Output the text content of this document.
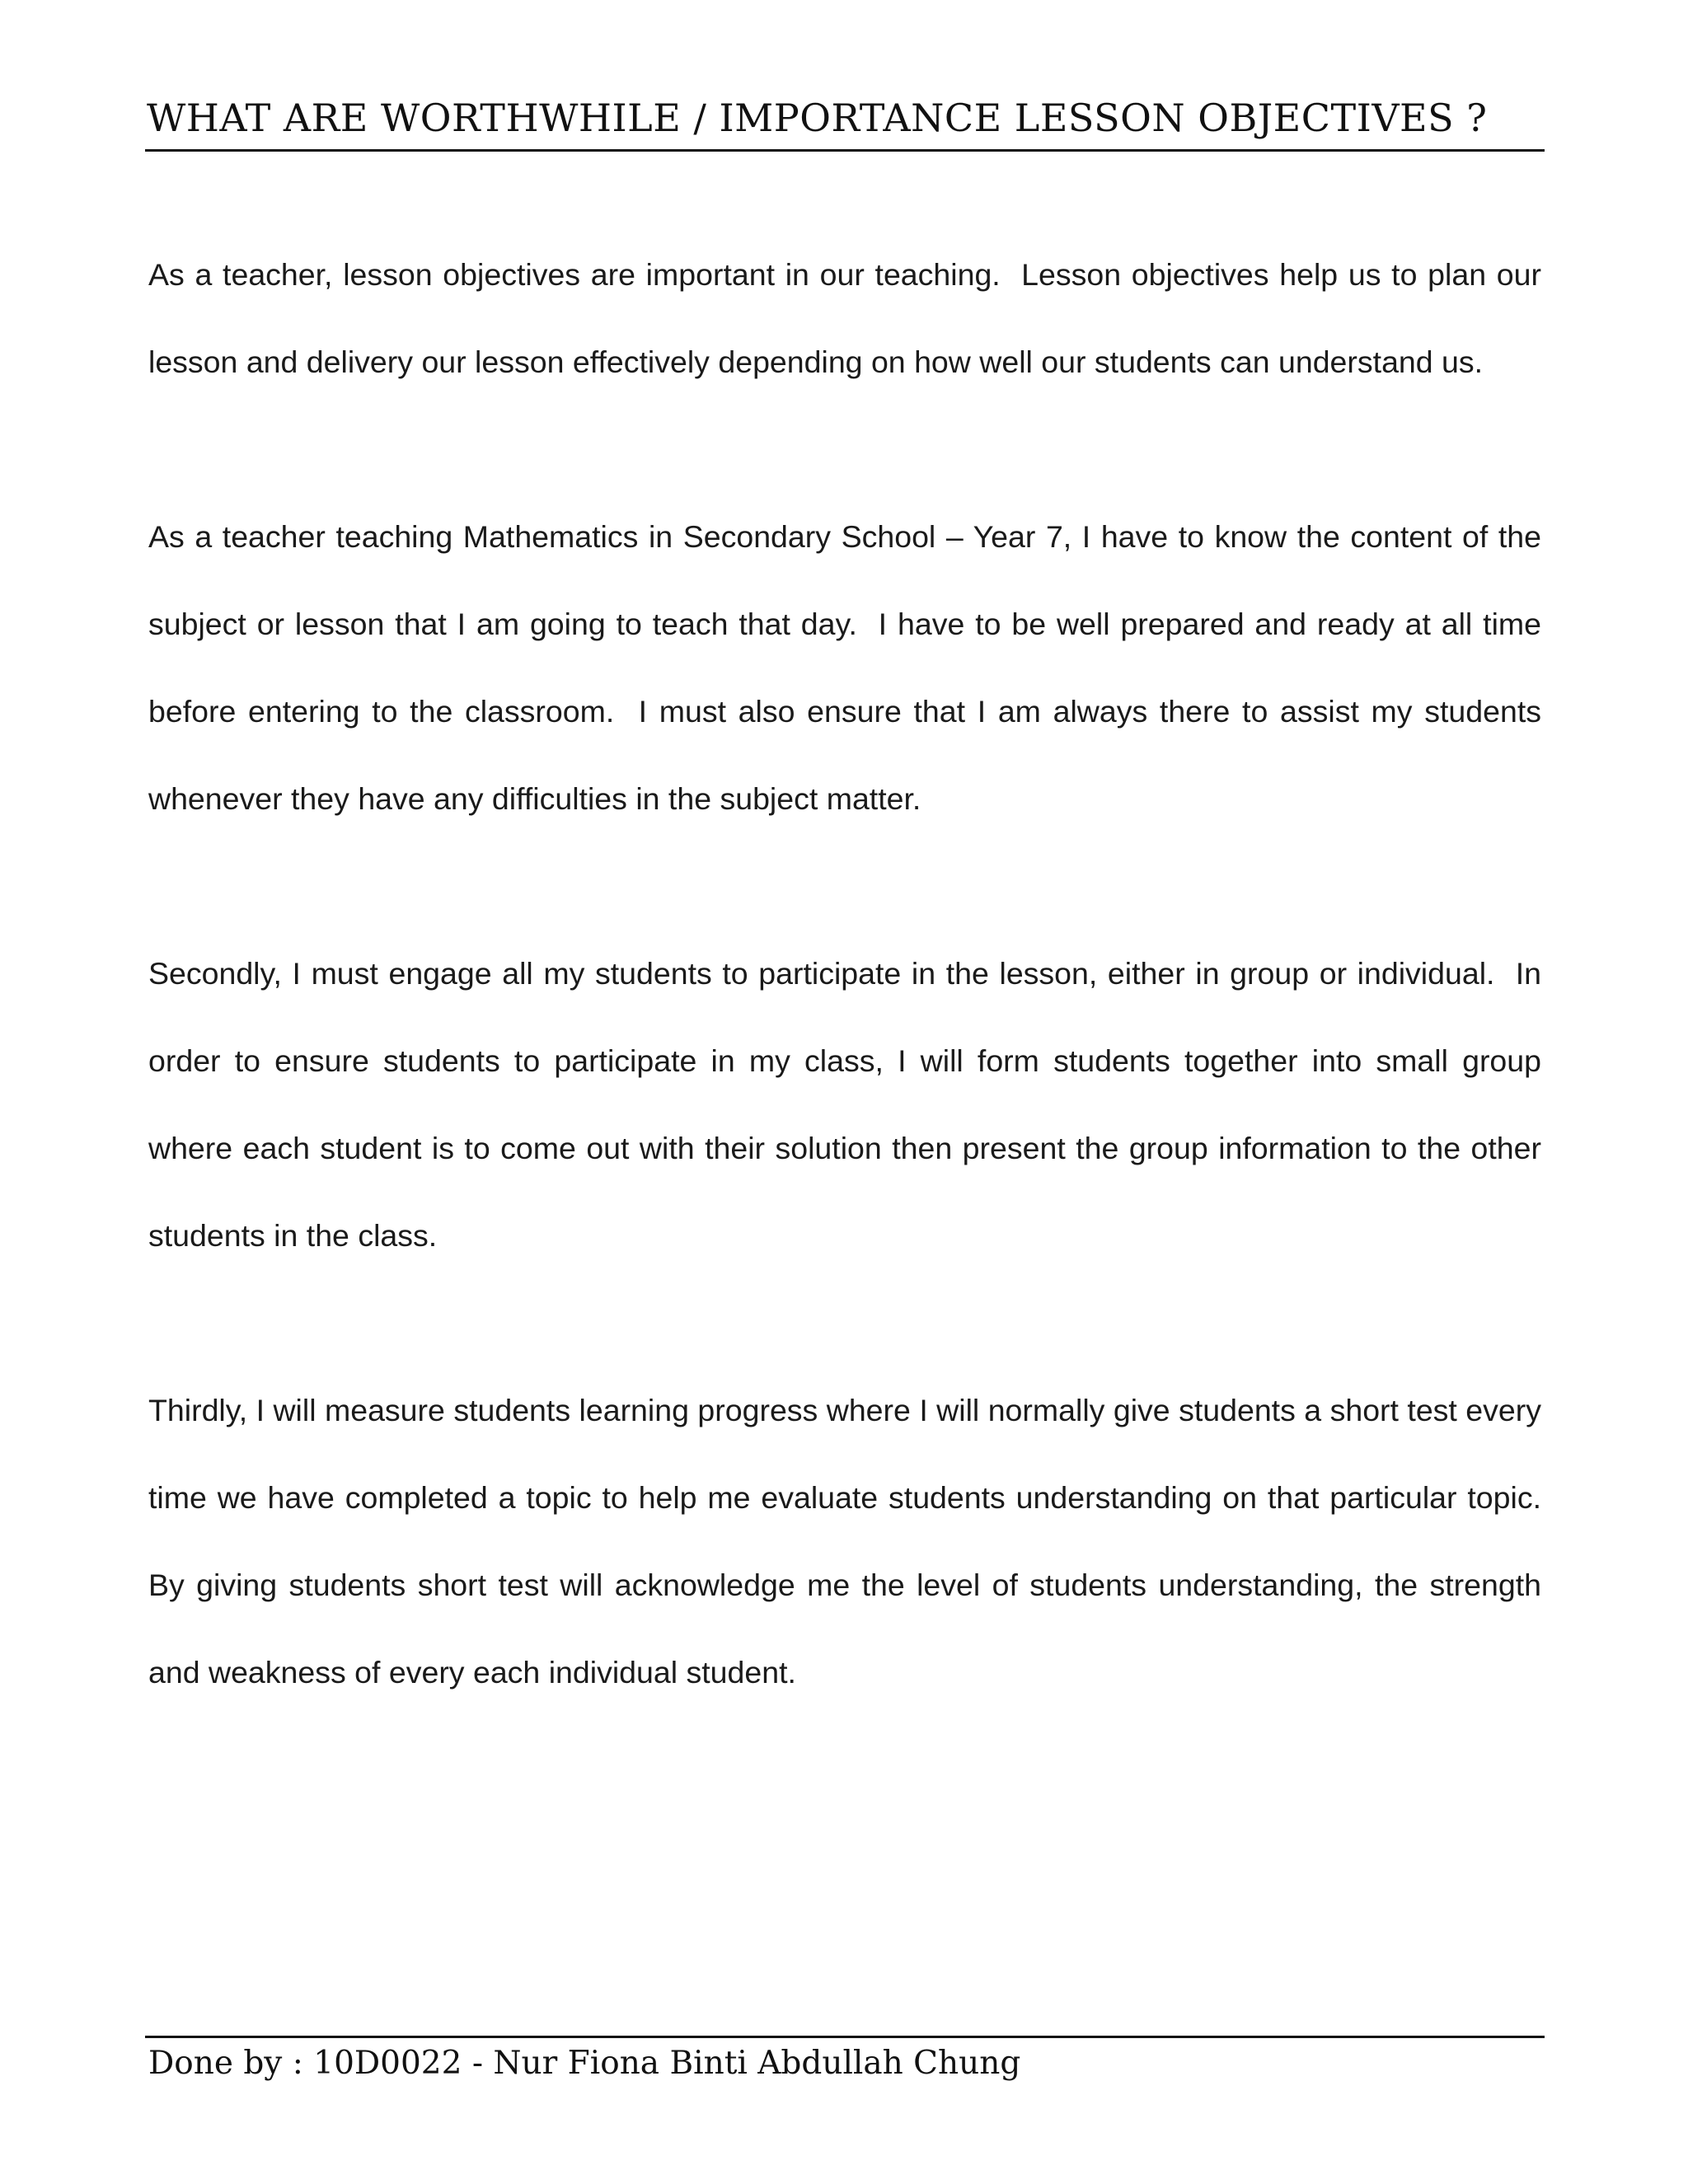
WHAT ARE WORTHWHILE / IMPORTANCE LESSON OBJECTIVES ?

As a teacher, lesson objectives are important in our teaching.  Lesson objectives help us to plan our lesson and delivery our lesson effectively depending on how well our students can understand us.

As a teacher teaching Mathematics in Secondary School – Year 7, I have to know the content of the subject or lesson that I am going to teach that day.  I have to be well prepared and ready at all time before entering to the classroom.  I must also ensure that I am always there to assist my students whenever they have any difficulties in the subject matter.

Secondly, I must engage all my students to participate in the lesson, either in group or individual.  In order to ensure students to participate in my class, I will form students together into small group where each student is to come out with their solution then present the group information to the other students in the class.

Thirdly, I will measure students learning progress where I will normally give students a short test every time we have completed a topic to help me evaluate students understanding on that particular topic.  By giving students short test will acknowledge me the level of students understanding, the strength and weakness of every each individual student.

Done by : 10D0022 - Nur Fiona Binti Abdullah Chung
